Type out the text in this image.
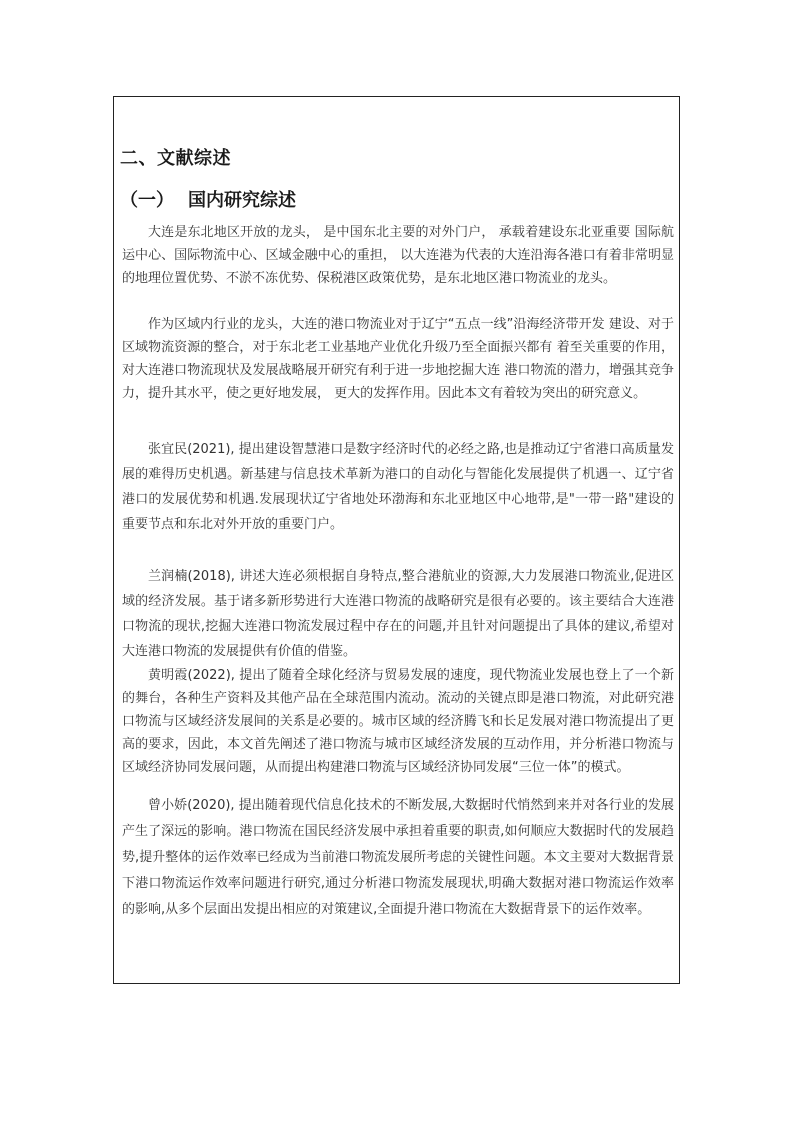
二、文献综述
（一） 国内研究综述

大连是东北地区开放的龙头， 是中国东北主要的对外门户， 承载着建设东北亚重要 国际航运中心、国际物流中心、区域金融中心的重担， 以大连港为代表的大连沿海各港口有着非常明显的地理位置优势、不淤不冻优势、保税港区政策优势，是东北地区港口物流业的龙头。

作为区域内行业的龙头，大连的港口物流业对于辽宁“五点一线”沿海经济带开发 建设、对于区域物流资源的整合，对于东北老工业基地产业优化升级乃至全面振兴都有 着至关重要的作用，对大连港口物流现状及发展战略展开研究有利于进一步地挖掘大连 港口物流的潜力，增强其竞争力，提升其水平，使之更好地发展， 更大的发挥作用。因此本文有着较为突出的研究意义。

张宜民(2021), 提出建设智慧港口是数字经济时代的必经之路,也是推动辽宁省港口高质量发展的难得历史机遇。新基建与信息技术革新为港口的自动化与智能化发展提供了机遇一、辽宁省港口的发展优势和机遇.发展现状辽宁省地处环渤海和东北亚地区中心地带,是"一带一路"建设的重要节点和东北对外开放的重要门户。

兰润楠(2018), 讲述大连必须根据自身特点,整合港航业的资源,大力发展港口物流业,促进区域的经济发展。基于诸多新形势进行大连港口物流的战略研究是很有必要的。该主要结合大连港口物流的现状,挖掘大连港口物流发展过程中存在的问题,并且针对问题提出了具体的建议,希望对大连港口物流的发展提供有价值的借鉴。

黄明霞(2022), 提出了随着全球化经济与贸易发展的速度，现代物流业发展也登上了一个新的舞台，各种生产资料及其他产品在全球范围内流动。流动的关键点即是港口物流，对此研究港口物流与区域经济发展间的关系是必要的。城市区域的经济腾飞和长足发展对港口物流提出了更高的要求，因此，本文首先阐述了港口物流与城市区域经济发展的互动作用，并分析港口物流与区域经济协同发展问题，从而提出构建港口物流与区域经济协同发展“三位一体”的模式。

曾小娇(2020), 提出随着现代信息化技术的不断发展,大数据时代悄然到来并对各行业的发展产生了深远的影响。港口物流在国民经济发展中承担着重要的职责,如何顺应大数据时代的发展趋势,提升整体的运作效率已经成为当前港口物流发展所考虑的关键性问题。本文主要对大数据背景下港口物流运作效率问题进行研究,通过分析港口物流发展现状,明确大数据对港口物流运作效率的影响,从多个层面出发提出相应的对策建议,全面提升港口物流在大数据背景下的运作效率。
